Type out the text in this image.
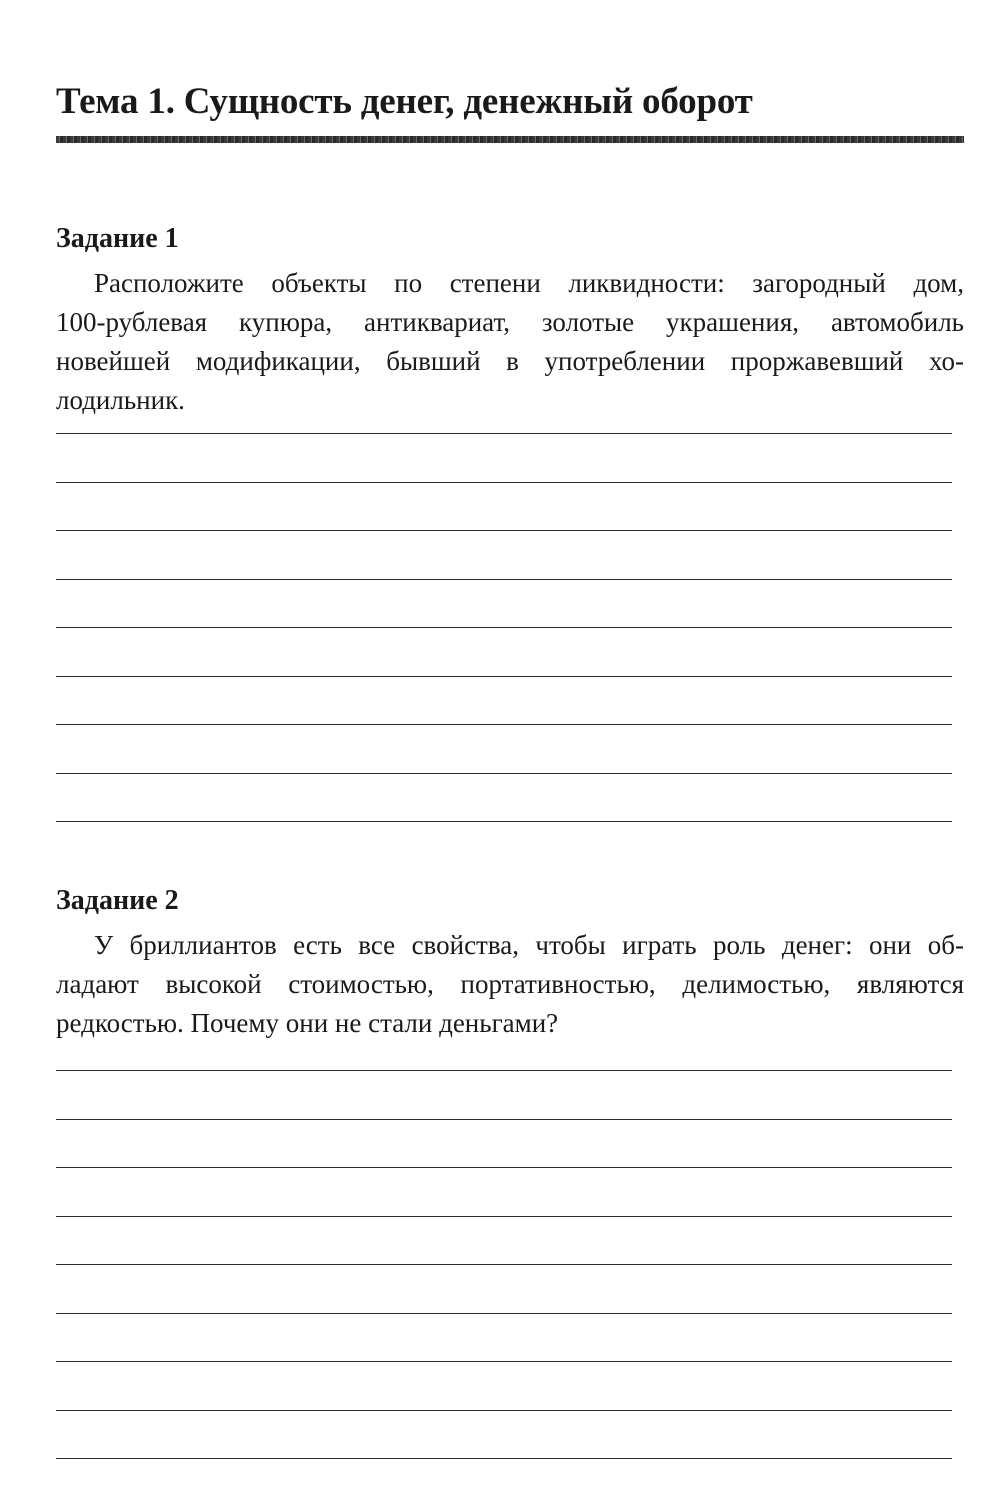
Тема 1. Сущность денег, денежный оборот
Задание 1

Расположите объекты по степени ликвидности: загородный дом,
100-рублевая купюра, антиквариат, золотые украшения, автомобиль
новейшей модификации, бывший в употреблении проржавевший хо-
лодильник.

Задание 2

У бриллиантов есть все свойства, чтобы играть роль денег: они об-
ладают высокой стоимостью, портативностью, делимостью, являются
редкостью. Почему они не стали деньгами?
